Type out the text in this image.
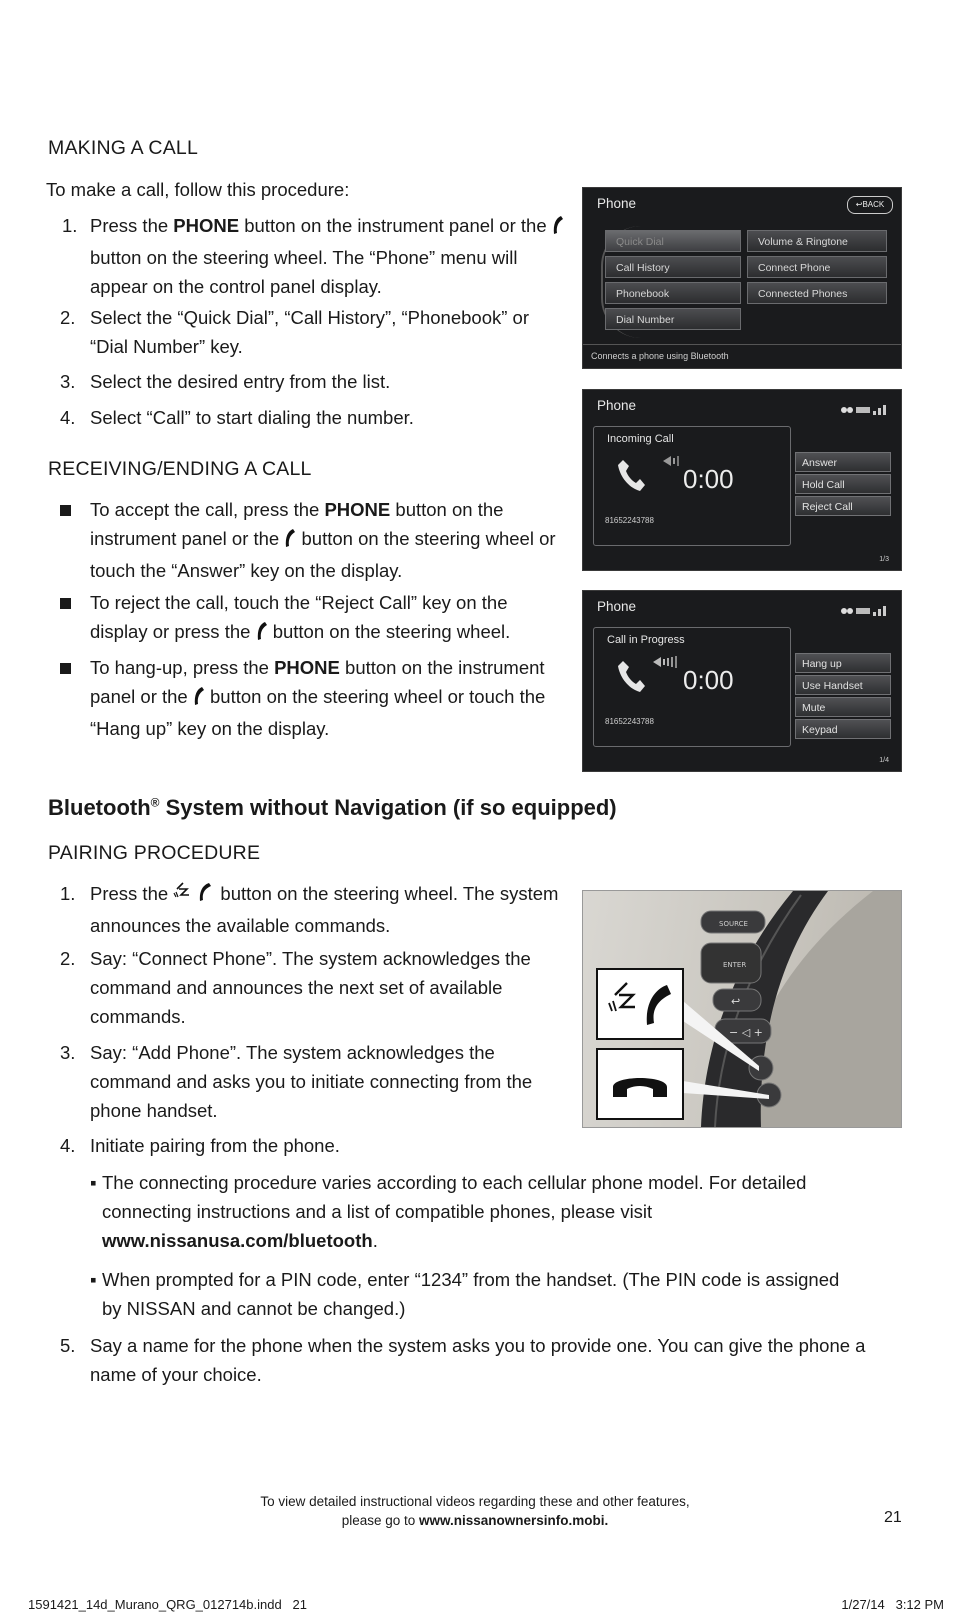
MAKING A CALL
To make a call, follow this procedure:
1. Press the PHONE button on the instrument panel or the  button on the steering wheel. The “Phone” menu will appear on the control panel display.
2. Select the “Quick Dial”, “Call History”, “Phonebook” or “Dial Number” key.
3. Select the desired entry from the list.
4. Select “Call” to start dialing the number.
RECEIVING/ENDING A CALL
To accept the call, press the PHONE button on the instrument panel or the  button on the steering wheel or touch the “Answer” key on the display.
To reject the call, touch the “Reject Call” key on the display or press the  button on the steering wheel.
To hang-up, press the PHONE button on the instrument panel or the  button on the steering wheel or touch the “Hang up” key on the display.
Phone	↩BACK
Quick Dial
Call History
Phonebook
Dial Number
Volume & Ringtone
Connect Phone
Connected Phones
Connects a phone using Bluetooth
Phone
Incoming Call
0:00
81652243788
Answer
Hold Call
Reject Call
1/3
Phone
Call in Progress
0:00
81652243788
Hang up
Use Handset
Mute
Keypad
1/4
Bluetooth® System without Navigation (if so equipped)
PAIRING PROCEDURE
1. Press the  button on the steering wheel. The system announces the available commands.
2. Say: “Connect Phone”. The system acknowledges the command and announces the next set of available commands.
3. Say: “Add Phone”. The system acknowledges the command and asks you to initiate connecting from the phone handset.
4. Initiate pairing from the phone.
▪ The connecting procedure varies according to each cellular phone model. For detailed connecting instructions and a list of compatible phones, please visit www.nissanusa.com/bluetooth.
▪ When prompted for a PIN code, enter “1234” from the handset. (The PIN code is assigned by NISSAN and cannot be changed.)
5. Say a name for the phone when the system asks you to provide one. You can give the phone a name of your choice.
SOURCE
ENTER
↩
− ◁ +
To view detailed instructional videos regarding these and other features,
please go to www.nissanownersinfo.mobi.	21
1591421_14d_Murano_QRG_012714b.indd   21	1/27/14   3:12 PM
